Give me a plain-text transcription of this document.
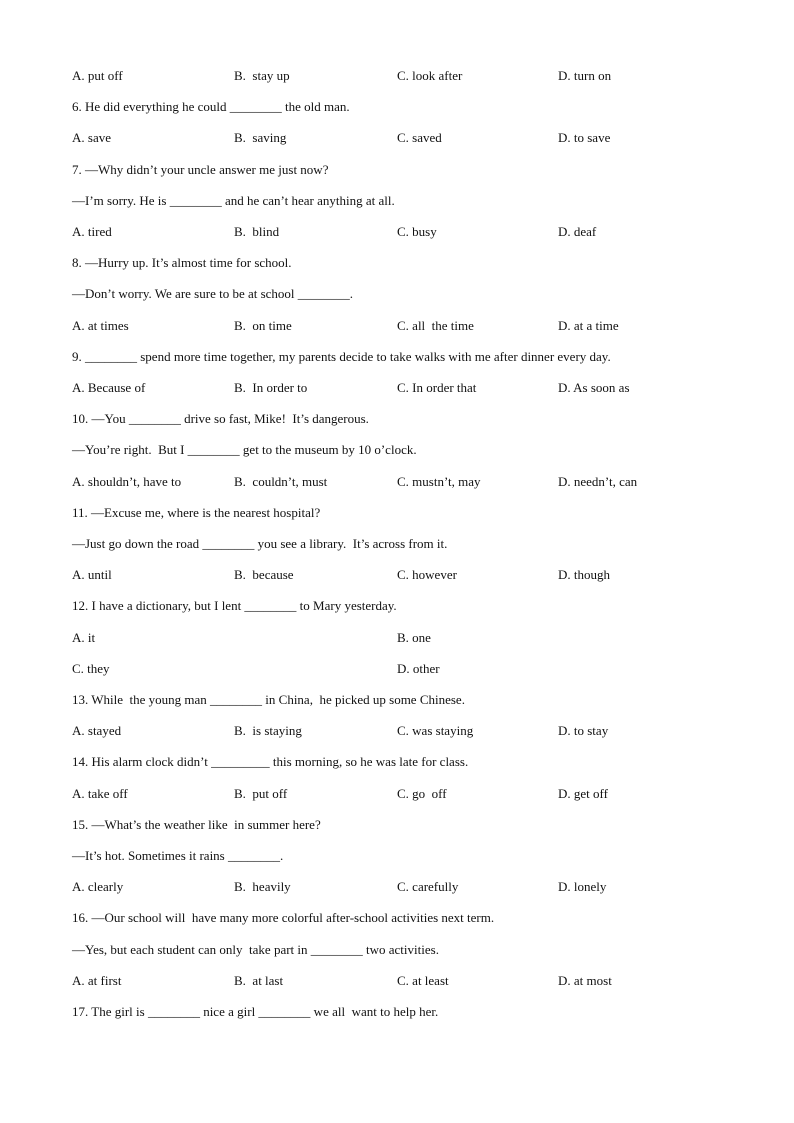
A. put off	B.  stay up	C. look after	D. turn on
6. He did everything he could ________ the old man.
A. save	B.  saving	C. saved	D. to save
7. —Why didn’t your uncle answer me just now?
—I’m sorry. He is ________ and he can’t hear anything at all.
A. tired	B.  blind	C. busy	D. deaf
8. —Hurry up. It’s almost time for school.
—Don’t worry. We are sure to be at school ________.
A. at times	B.  on time	C. all  the time	D. at a time
9. ________ spend more time together, my parents decide to take walks with me after dinner every day.
A. Because of	B.  In order to	C. In order that	D. As soon as
10. —You ________ drive so fast, Mike!  It’s dangerous.
—You’re right.  But I ________ get to the museum by 10 o’clock.
A. shouldn’t, have to	B.  couldn’t, must	C. mustn’t, may	D. needn’t, can
11. —Excuse me, where is the nearest hospital?
—Just go down the road ________ you see a library.  It’s across from it.
A. until	B.  because	C. however	D. though
12. I have a dictionary, but I lent ________ to Mary yesterday.
A. it	B. one
C. they	D. other
13. While  the young man ________ in China,  he picked up some Chinese.
A. stayed	B.  is staying	C. was staying	D. to stay
14. His alarm clock didn’t _________ this morning, so he was late for class.
A. take off	B.  put off	C. go  off	D. get off
15. —What’s the weather like  in summer here?
—It’s hot. Sometimes it rains ________.
A. clearly	B.  heavily	C. carefully	D. lonely
16. —Our school will  have many more colorful after-school activities next term.
—Yes, but each student can only  take part in ________ two activities.
A. at first	B.  at last	C. at least	D. at most
17. The girl is ________ nice a girl ________ we all  want to help her.
